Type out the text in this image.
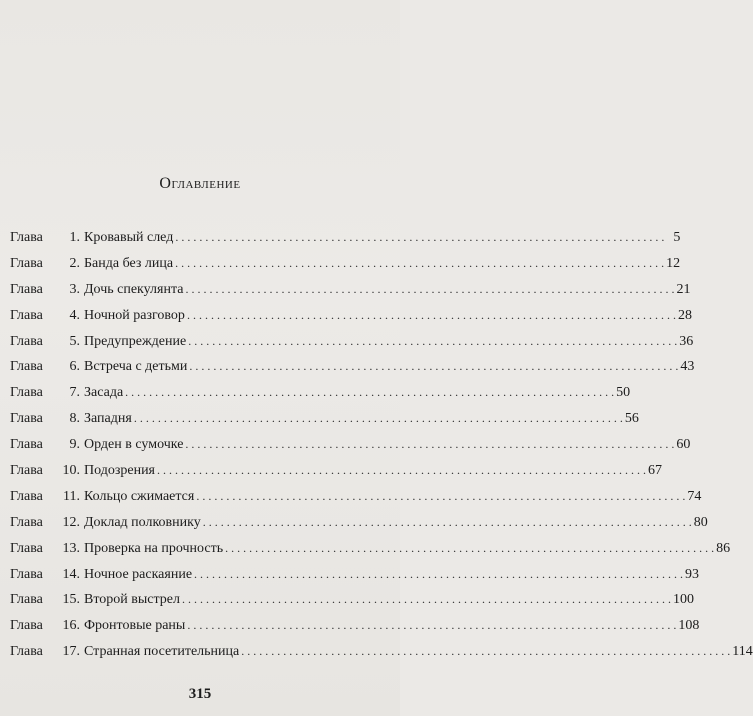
Оглавление
Глава	1. Кровавый след . . .	5
Глава	2. Банда без лица . . .	12
Глава	3. Дочь спекулянта . . .	21
Глава	4. Ночной разговор . . .	28
Глава	5. Предупреждение . . .	36
Глава	6. Встреча с детьми . . .	43
Глава	7. Засада . . .	50
Глава	8. Западня . . .	56
Глава	9. Орден в сумочке . . .	60
Глава	10. Подозрения . . .	67
Глава	11. Кольцо сжимается . . .	74
Глава	12. Доклад полковнику . . .	80
Глава	13. Проверка на прочность . . .	86
Глава	14. Ночное раскаяние . . .	93
Глава	15. Второй выстрел . . .	100
Глава	16. Фронтовые раны . . .	108
Глава	17. Странная посетительница . . .	114
315
